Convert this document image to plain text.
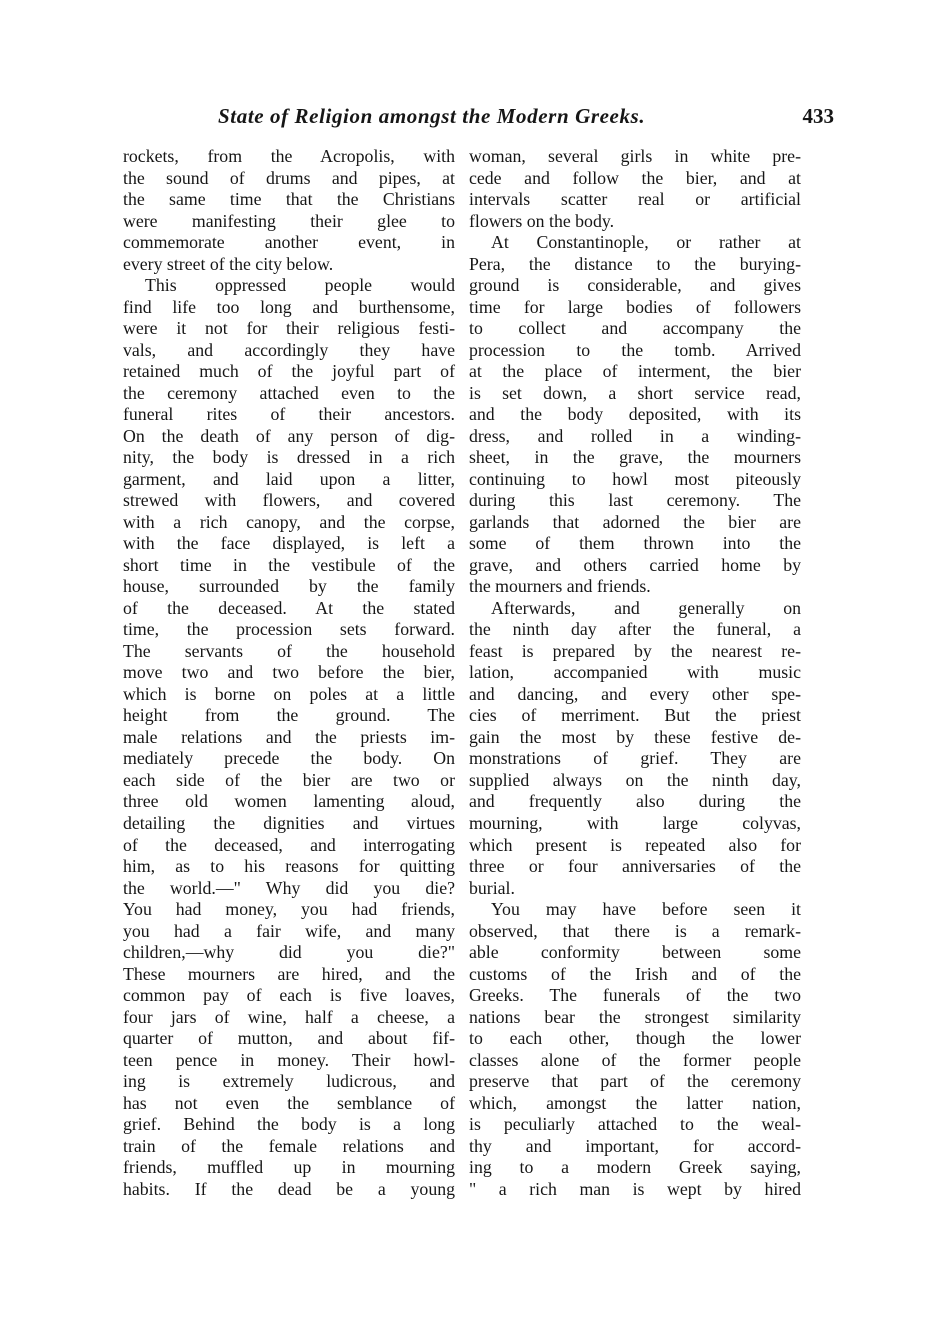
State of Religion amongst the Modern Greeks.	433
rockets, from the Acropolis, with
the sound of drums and pipes, at
the same time that the Christians
were manifesting their glee to
commemorate another event, in
every street of the city below.
This oppressed people would
find life too long and burthensome,
were it not for their religious festi-
vals, and accordingly they have
retained much of the joyful part of
the ceremony attached even to the
funeral rites of their ancestors.
On the death of any person of dig-
nity, the body is dressed in a rich
garment, and laid upon a litter,
strewed with flowers, and covered
with a rich canopy, and the corpse,
with the face displayed, is left a
short time in the vestibule of the
house, surrounded by the family
of the deceased. At the stated
time, the procession sets forward.
The servants of the household
move two and two before the bier,
which is borne on poles at a little
height from the ground. The
male relations and the priests im-
mediately precede the body. On
each side of the bier are two or
three old women lamenting aloud,
detailing the dignities and virtues
of the deceased, and interrogating
him, as to his reasons for quitting
the world.—" Why did you die?
You had money, you had friends,
you had a fair wife, and many
children,—why did you die?"
These mourners are hired, and the
common pay of each is five loaves,
four jars of wine, half a cheese, a
quarter of mutton, and about fif-
teen pence in money. Their howl-
ing is extremely ludicrous, and
has not even the semblance of
grief. Behind the body is a long
train of the female relations and
friends, muffled up in mourning
habits. If the dead be a young
woman, several girls in white pre-
cede and follow the bier, and at
intervals scatter real or artificial
flowers on the body.
At Constantinople, or rather at
Pera, the distance to the burying-
ground is considerable, and gives
time for large bodies of followers
to collect and accompany the
procession to the tomb. Arrived
at the place of interment, the bier
is set down, a short service read,
and the body deposited, with its
dress, and rolled in a winding-
sheet, in the grave, the mourners
continuing to howl most piteously
during this last ceremony. The
garlands that adorned the bier are
some of them thrown into the
grave, and others carried home by
the mourners and friends.
Afterwards, and generally on
the ninth day after the funeral, a
feast is prepared by the nearest re-
lation, accompanied with music
and dancing, and every other spe-
cies of merriment. But the priest
gain the most by these festive de-
monstrations of grief. They are
supplied always on the ninth day,
and frequently also during the
mourning, with large colyvas,
which present is repeated also for
three or four anniversaries of the
burial.
You may have before seen it
observed, that there is a remark-
able conformity between some
customs of the Irish and of the
Greeks. The funerals of the two
nations bear the strongest similarity
to each other, though the lower
classes alone of the former people
preserve that part of the ceremony
which, amongst the latter nation,
is peculiarly attached to the weal-
thy and important, for accord-
ing to a modern Greek saying,
" a rich man is wept by hired
